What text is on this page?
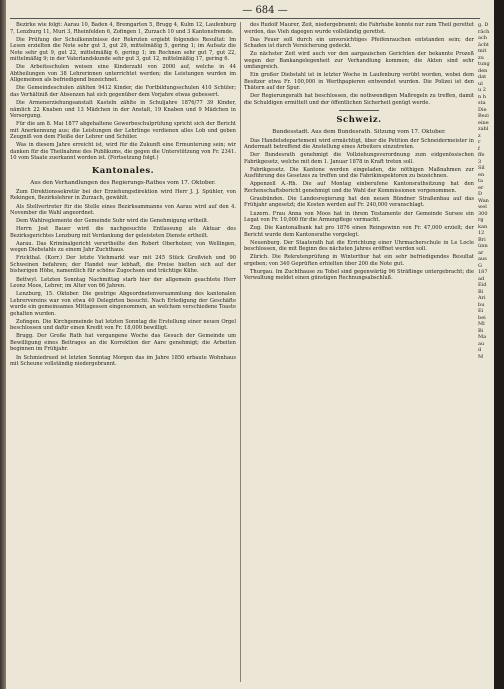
— 684 —

Bezirke wie folgt: Aarau 10, Baden 4, Bremgarten 5, Brugg 4, Kulm 12, Laufenburg 7, Lenzburg 11, Muri 3, Rheinfelden 6, Zofingen 1, Zurzach 10 und 3 Kantonsfremde.

Die Prüfung der Schulkenntnisse der Rekruten ergiebt folgendes Resultat: Im Lesen erzielten die Note sehr gut 3, gut 29, mittelmäßig 5, gering 1; im Aufsatz die Note sehr gut 9, gut 22, mittelmäßig 6, gering 1; im Rechnen sehr gut 7, gut 22, mittelmäßig 9; in der Vaterlandskunde sehr gut 3, gut 12, mittelmäßig 17, gering 6.

Die Arbeitsschulen weisen eine Kinderzahl von 2000 auf, welche in 44 Abtheilungen von 38 Lehrerinnen unterrichtet werden; die Leistungen wurden im Allgemeinen als befriedigend bezeichnet.

Die Gemeindeschulen zählten 9412 Kinder, die Fortbildungsschulen 410 Schüler; das Verhältniß der Absenzen hat sich gegenüber dem Vorjahre etwas gebessert.

Die Armenerziehungsanstalt Kasteln zählte in Schuljahre 1876/77 39 Kinder, nämlich 22 Knaben und 13 Mädchen in der Anstalt, 19 Knaben und 9 Mädchen in Versorgung.

Für die am 8. Mai 1877 abgehaltene Gewerbeschulprüfung spricht sich der Bericht mit Anerkennung aus; die Leistungen der Lehrlinge verdienen alles Lob und geben Zeugniß von dem Fleiße der Lehrer und Schüler.

Was in diesem Jahre erreicht ist, wird für die Zukunft eine Ermunterung sein; wir danken für die Theilnahme des Publikums, die gegen die Unterstützung von Fr. 2341. 10 vom Staate zuerkannt worden ist. (Fortsetzung folgt.)

Kantonales.
Aus den Verhandlungen des Regierungs-Rathes vom 17. Oktober.

Zum Direktionssekretär bei der Erziehungsdirektion wird Herr J. J. Spühler, von Rekingen, Bezirkslehrer in Zurzach, gewählt.

Als Stellvertreter für die Stelle eines Bezirksammanns von Aarau wird auf den 4. November die Wahl angeordnet.

Dem Wahlreglemente der Gemeinde Suhr wird die Genehmigung ertheilt.

Herrn Jost Bauer wird die nachgesuchte Entlassung als Aktuar des Bezirksgerichtes Lenzburg mit Verdankung der geleisteten Dienste ertheilt.

Aarau. Das Kriminalgericht verurtheilte den Robert Oberholzer, von Wellingen, wegen Diebstahls zu einem Jahr Zuchthaus.

Frickthal. (Korr.) Der letzte Viehmarkt war mit 245 Stück Großvieh und 90 Schweinen befahren; der Handel war lebhaft, die Preise hielten sich auf der bisherigen Höhe, namentlich für schöne Zugochsen und trächtige Kühe.

Bettwyl. Letzten Sonntag Nachmittag starb hier der allgemein geachtete Herr Leonz Moos, Lehrer, im Alter von 66 Jahren.

Lenzburg, 15. Oktober. Die gestrige Abgeordnetenversammlung des kantonalen Lehrervereins war von etwa 40 Delegirten besucht. Nach Erledigung der Geschäfte wurde ein gemeinsames Mittagessen eingenommen, an welchem verschiedene Toaste gehalten wurden.

Zofingen. Die Kirchgemeinde hat letzten Sonntag die Erstellung einer neuen Orgel beschlossen und dafür einen Kredit von Fr. 18,000 bewilligt.

Brugg. Der Große Rath hat vergangene Woche das Gesuch der Gemeinde um Bewilligung eines Beitrages an die Korrektion der Aare genehmigt; die Arbeiten beginnen im Frühjahr.

In Schmiedrued ist letzten Sonntag Morgen das im Jahre 1850 erbaute Wohnhaus mit Scheune vollständig niedergebrannt.

des Rudolf Maurer, Zeit, niedergebrannt; die Fahrhabe konnte nur zum Theil gerettet werden, das Vieh dagegen wurde vollständig gerettet.

Das Feuer soll durch ein unvorsichtiges Pfeifenrauchen entstanden sein; der Schaden ist durch Versicherung gedeckt.

Zu nächster Zeit wird auch vor den aargauischen Gerichten der bekannte Prozeß wegen der Bankangelegenheit zur Verhandlung kommen; die Akten sind sehr umfangreich.

Ein großer Diebstahl ist in letzter Woche in Laufenburg verübt worden, wobei dem Besitzer etwa Fr. 100,000 in Werthpapieren entwendet wurden. Die Polizei ist den Thätern auf der Spur.

Der Regierungsrath hat beschlossen, die nothwendigen Maßregeln zu treffen, damit die Schuldigen ermittelt und der öffentlichen Sicherheit genügt werde.

Schweiz.
Bundesstadt. Aus dem Bundesrath. Sitzung vom 17. Oktober.

Das Handelsdepartement wird ermächtigt, über die Petition der Schneidermeister in Andermatt betreffend die Anstellung eines Arbeiters einzutreten.

Der Bundesrath genehmigt die Vollziehungsverordnung zum eidgenössischen Fabrikgesetz, welche mit dem 1. Januar 1878 in Kraft treten soll.

Fabrikgesetz. Die Kantone werden eingeladen, die nöthigen Maßnahmen zur Ausführung des Gesetzes zu treffen und die Fabrikinspektoren zu bezeichnen.

Appenzell A.-Rh. Die auf Montag einberufene Kantonsrathsitzung hat den Rechenschaftsbericht genehmigt und die Wahl der Kommissionen vorgenommen.

Graubünden. Die Landesregierung hat den neuen Bündner Straßenbau auf das Frühjahr angesetzt; die Kosten werden auf Fr. 240,000 veranschlagt.

Luzern. Frau Anna von Moos hat in ihrem Testamente der Gemeinde Sursee ein Legat von Fr. 10,000 für die Armenpflege vermacht.

Zug. Die Kantonalbank hat pro 1876 einen Reingewinn von Fr. 47,000 erzielt; der Bericht wurde dem Kantonsrathe vorgelegt.

Neuenburg. Der Staatsrath hat die Errichtung einer Uhrmacherschule in Le Locle beschlossen, die mit Beginn des nächsten Jahres eröffnet werden soll.

Zürich. Die Rekrutenprüfung in Winterthur hat ein sehr befriedigendes Resultat ergeben; von 340 Geprüften erhielten über 200 die Note gut.

Thurgau. Im Zuchthause zu Tobel sind gegenwärtig 96 Sträflinge untergebracht; die Verwaltung meldet einen günstigen Rechnungsabschluß.

g. D
räch
ach
ächt
mit
zu
tung
den
dat
ul
u 2
n h
sta
Die
Bezi
eine
zahl
z
r
f
ffe
3
Sil
en
ta
er
D
Wan
wel
300
rg
kan
12
Bri
ünn
ar
aus
G
187
ad
Eid
Bi
Ari
bu
Ei
bei
Ml
Bi
Ma
au
d
M
